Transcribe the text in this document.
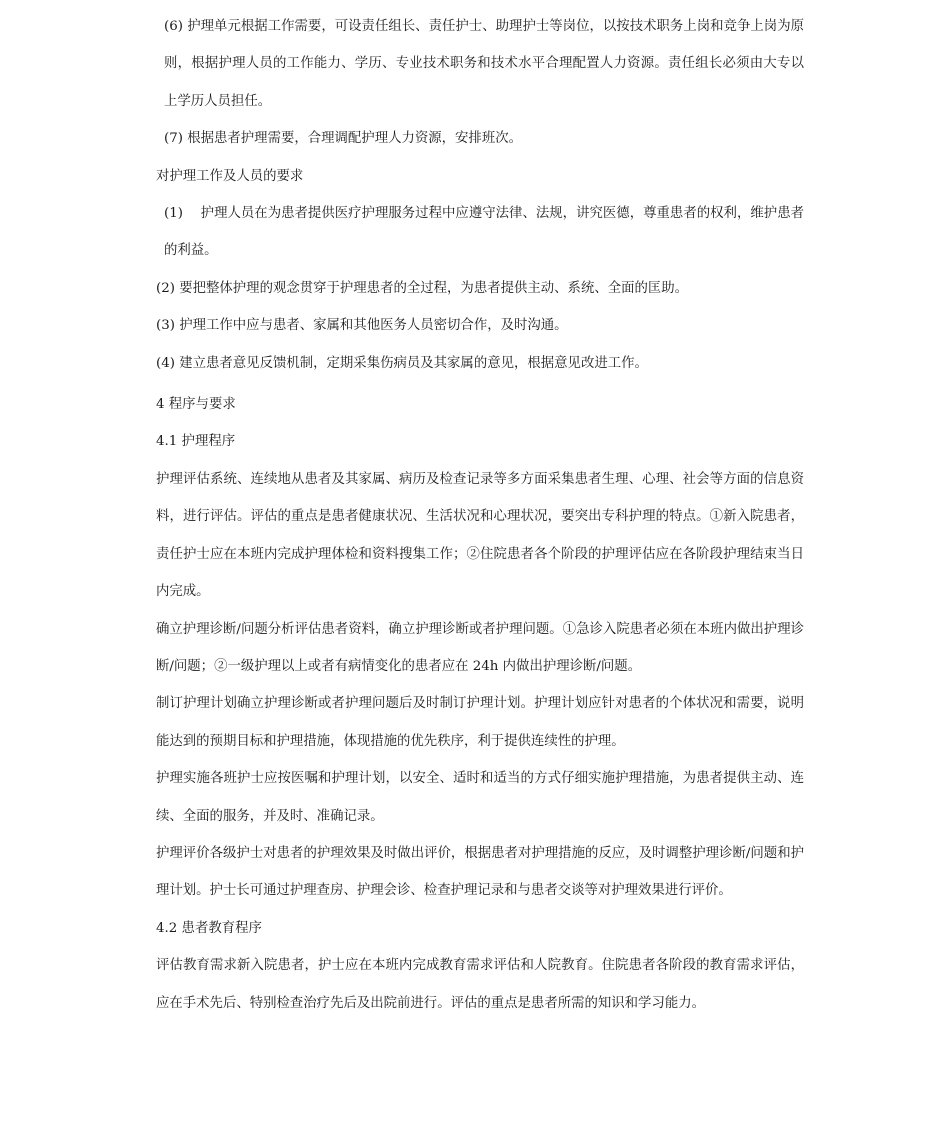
(6) 护理单元根据工作需要，可设责任组长、责任护士、助理护士等岗位，以按技术职务上岗和竞争上岗为原则，根据护理人员的工作能力、学历、专业技术职务和技术水平合理配置人力资源。责任组长必须由大专以上学历人员担任。

(7) 根据患者护理需要，合理调配护理人力资源，安排班次。

对护理工作及人员的要求

(1)　 护理人员在为患者提供医疗护理服务过程中应遵守法律、法规，讲究医德，尊重患者的权利，维护患者的利益。

(2) 要把整体护理的观念贯穿于护理患者的全过程，为患者提供主动、系统、全面的匡助。

(3) 护理工作中应与患者、家属和其他医务人员密切合作，及时沟通。

(4) 建立患者意见反馈机制，定期采集伤病员及其家属的意见，根据意见改进工作。

4 程序与要求

4.1 护理程序

护理评估系统、连续地从患者及其家属、病历及检查记录等多方面采集患者生理、心理、社会等方面的信息资料，进行评估。评估的重点是患者健康状况、生活状况和心理状况，要突出专科护理的特点。①新入院患者，责任护士应在本班内完成护理体检和资料搜集工作；②住院患者各个阶段的护理评估应在各阶段护理结束当日内完成。

确立护理诊断/问题分析评估患者资料，确立护理诊断或者护理问题。①急诊入院患者必须在本班内做出护理诊断/问题；②一级护理以上或者有病情变化的患者应在 24h 内做出护理诊断/问题。

制订护理计划确立护理诊断或者护理问题后及时制订护理计划。护理计划应针对患者的个体状况和需要，说明能达到的预期目标和护理措施，体现措施的优先秩序，利于提供连续性的护理。

护理实施各班护士应按医嘱和护理计划，以安全、适时和适当的方式仔细实施护理措施，为患者提供主动、连续、全面的服务，并及时、准确记录。

护理评价各级护士对患者的护理效果及时做出评价，根据患者对护理措施的反应，及时调整护理诊断/问题和护理计划。护士长可通过护理查房、护理会诊、检查护理记录和与患者交谈等对护理效果进行评价。

4.2 患者教育程序

评估教育需求新入院患者，护士应在本班内完成教育需求评估和人院教育。住院患者各阶段的教育需求评估，应在手术先后、特别检查治疗先后及出院前进行。评估的重点是患者所需的知识和学习能力。
